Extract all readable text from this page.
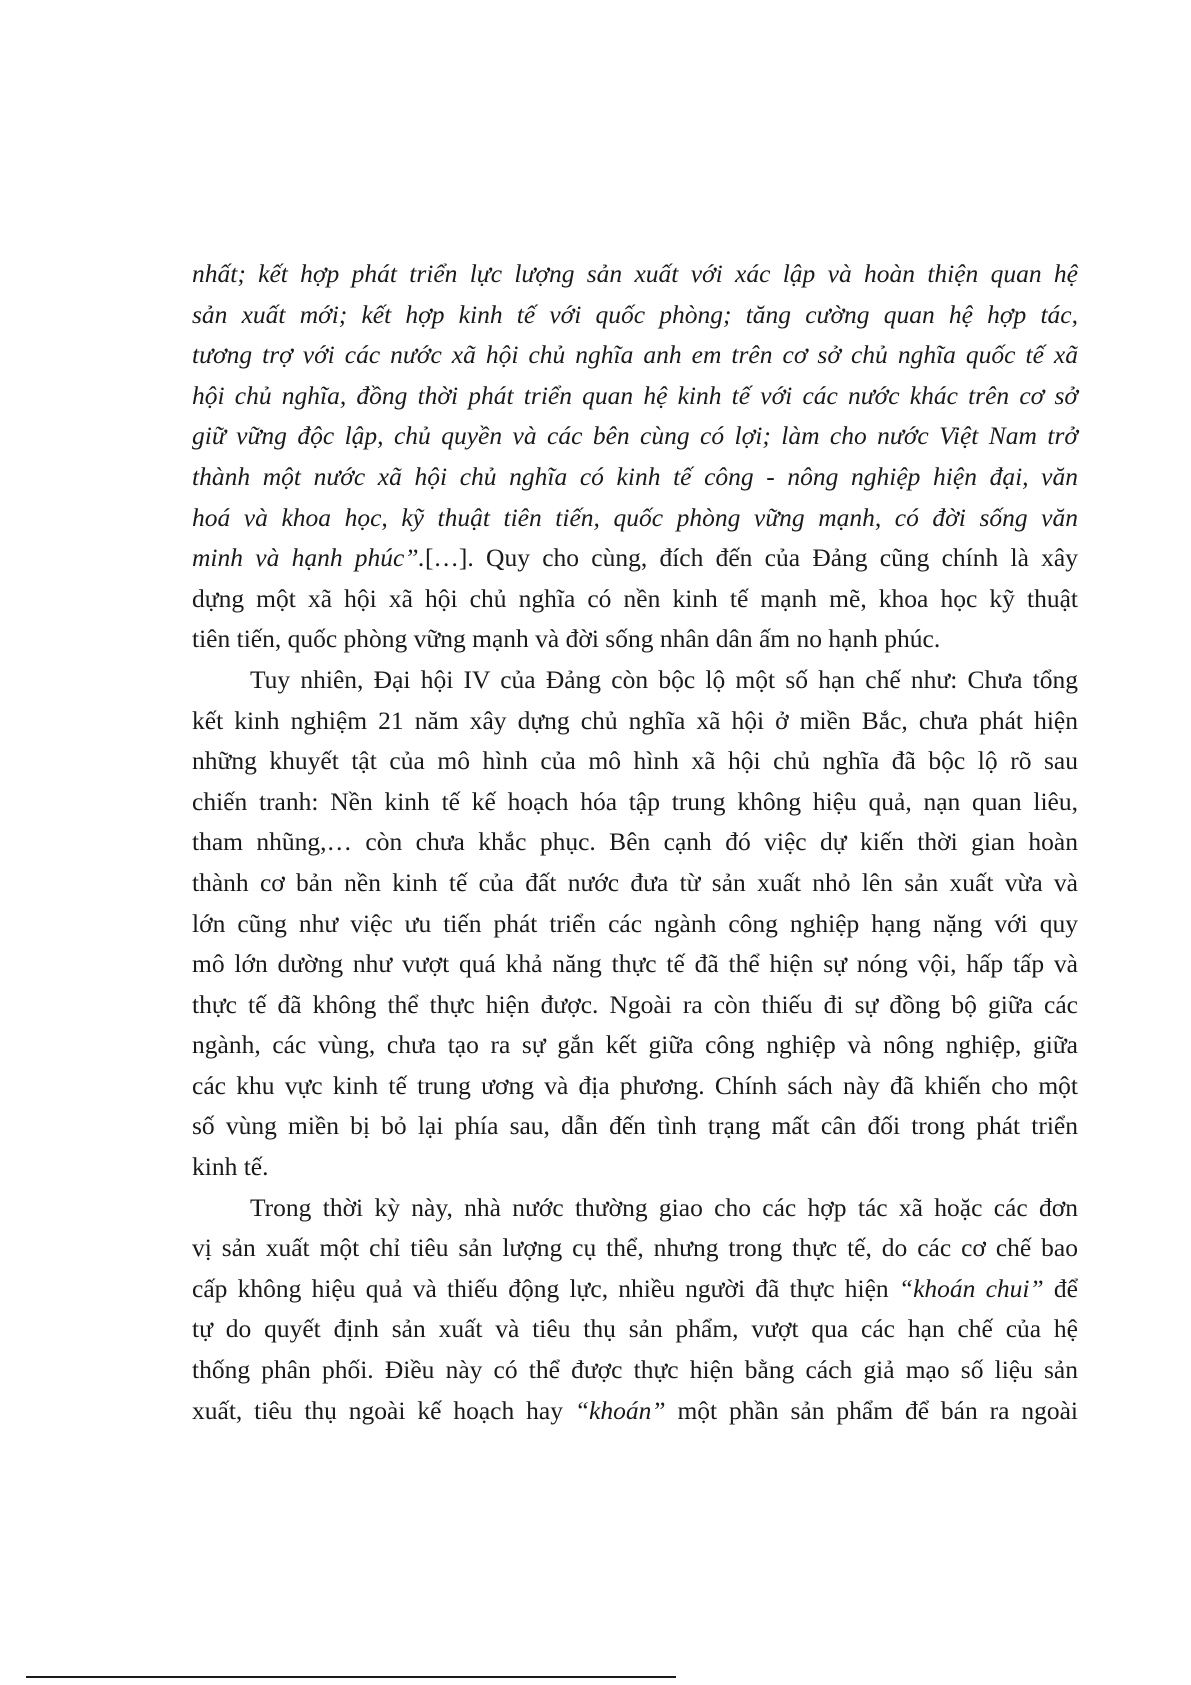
nhất; kết hợp phát triển lực lượng sản xuất với xác lập và hoàn thiện quan hệ
sản xuất mới; kết hợp kinh tế với quốc phòng; tăng cường quan hệ hợp tác,
tương trợ với các nước xã hội chủ nghĩa anh em trên cơ sở chủ nghĩa quốc tế xã
hội chủ nghĩa, đồng thời phát triển quan hệ kinh tế với các nước khác trên cơ sở
giữ vững độc lập, chủ quyền và các bên cùng có lợi; làm cho nước Việt Nam trở
thành một nước xã hội chủ nghĩa có kinh tế công - nông nghiệp hiện đại, văn
hoá và khoa học, kỹ thuật tiên tiến, quốc phòng vững mạnh, có đời sống văn
minh và hạnh phúc”.[…]. Quy cho cùng, đích đến của Đảng cũng chính là xây
dựng một xã hội xã hội chủ nghĩa có nền kinh tế mạnh mẽ, khoa học kỹ thuật
tiên tiến, quốc phòng vững mạnh và đời sống nhân dân ấm no hạnh phúc.
Tuy nhiên, Đại hội IV của Đảng còn bộc lộ một số hạn chế như: Chưa tổng
kết kinh nghiệm 21 năm xây dựng chủ nghĩa xã hội ở miền Bắc, chưa phát hiện
những khuyết tật của mô hình của mô hình xã hội chủ nghĩa đã bộc lộ rõ sau
chiến tranh: Nền kinh tế kế hoạch hóa tập trung không hiệu quả, nạn quan liêu,
tham nhũng,… còn chưa khắc phục. Bên cạnh đó việc dự kiến thời gian hoàn
thành cơ bản nền kinh tế của đất nước đưa từ sản xuất nhỏ lên sản xuất vừa và
lớn cũng như việc ưu tiến phát triển các ngành công nghiệp hạng nặng với quy
mô lớn dường như vượt quá khả năng thực tế đã thể hiện sự nóng vội, hấp tấp và
thực tế đã không thể thực hiện được. Ngoài ra còn thiếu đi sự đồng bộ giữa các
ngành, các vùng, chưa tạo ra sự gắn kết giữa công nghiệp và nông nghiệp, giữa
các khu vực kinh tế trung ương và địa phương. Chính sách này đã khiến cho một
số vùng miền bị bỏ lại phía sau, dẫn đến tình trạng mất cân đối trong phát triển
kinh tế.
Trong thời kỳ này, nhà nước thường giao cho các hợp tác xã hoặc các đơn
vị sản xuất một chỉ tiêu sản lượng cụ thể, nhưng trong thực tế, do các cơ chế bao
cấp không hiệu quả và thiếu động lực, nhiều người đã thực hiện “khoán chui” để
tự do quyết định sản xuất và tiêu thụ sản phẩm, vượt qua các hạn chế của hệ
thống phân phối. Điều này có thể được thực hiện bằng cách giả mạo số liệu sản
xuất, tiêu thụ ngoài kế hoạch hay “khoán” một phần sản phẩm để bán ra ngoài
